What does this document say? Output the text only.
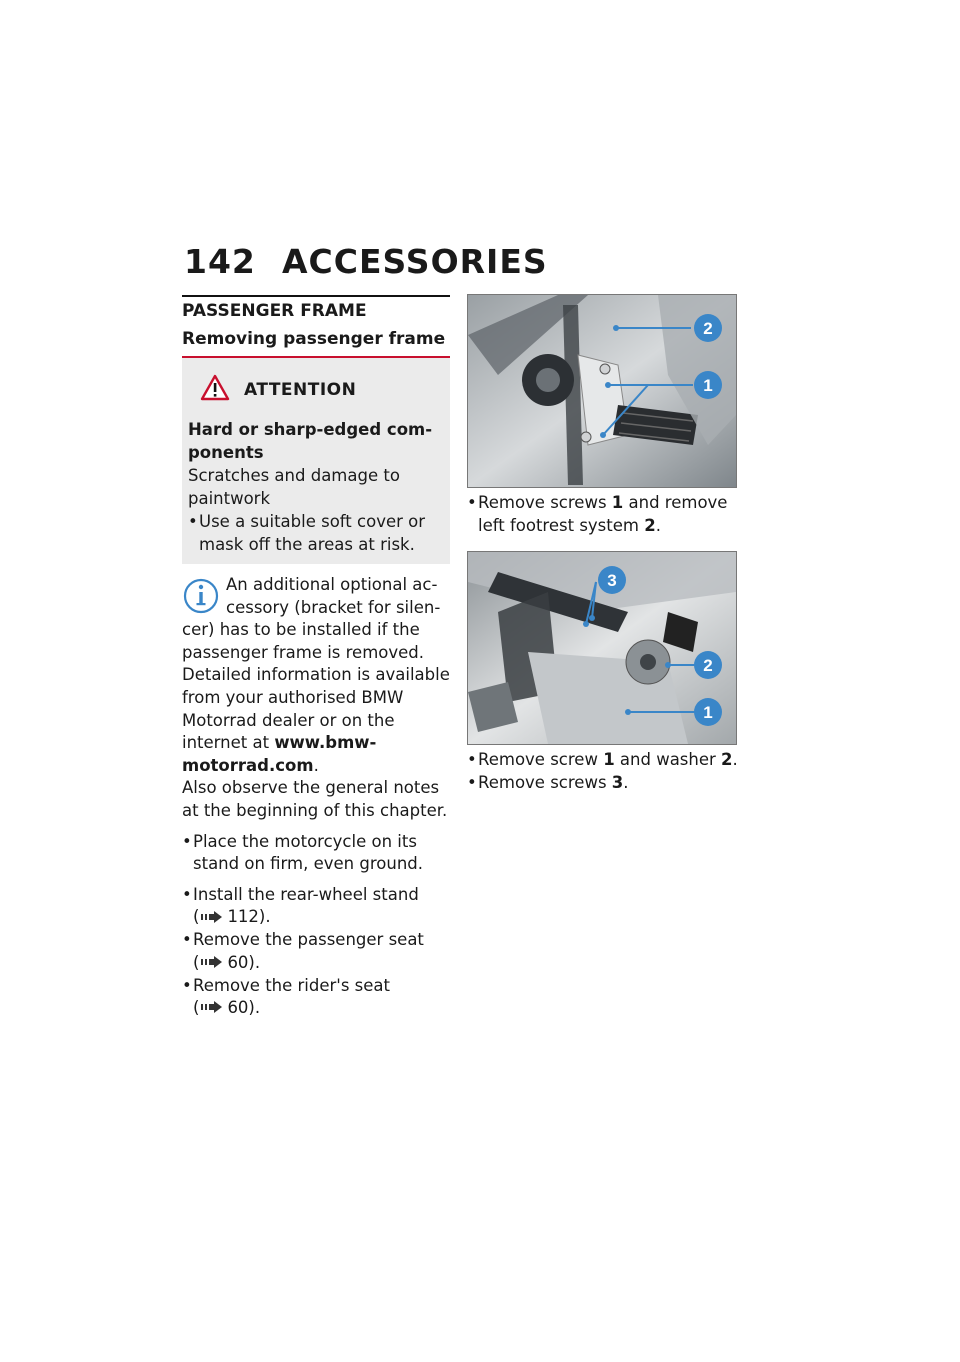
142 ACCESSORIES
PASSENGER FRAME
Removing passenger frame
ATTENTION
Hard or sharp-edged com-
ponents
Scratches and damage to paintwork
• Use a suitable soft cover or mask off the areas at risk.
An additional optional ac-
cessory (bracket for silen-
cer) has to be installed if the passenger frame is removed.
Detailed information is available from your authorised BMW Motorrad dealer or on the internet at www.bmw-motorrad.com.
Also observe the general notes at the beginning of this chapter.
• Place the motorcycle on its stand on firm, even ground.
• Install the rear-wheel stand
( 112).
• Remove the passenger seat
( 60).
• Remove the rider's seat
( 60).
2
1
• Remove screws 1 and remove left footrest system 2.
3
2
1
• Remove screw 1 and washer 2.
• Remove screws 3.
